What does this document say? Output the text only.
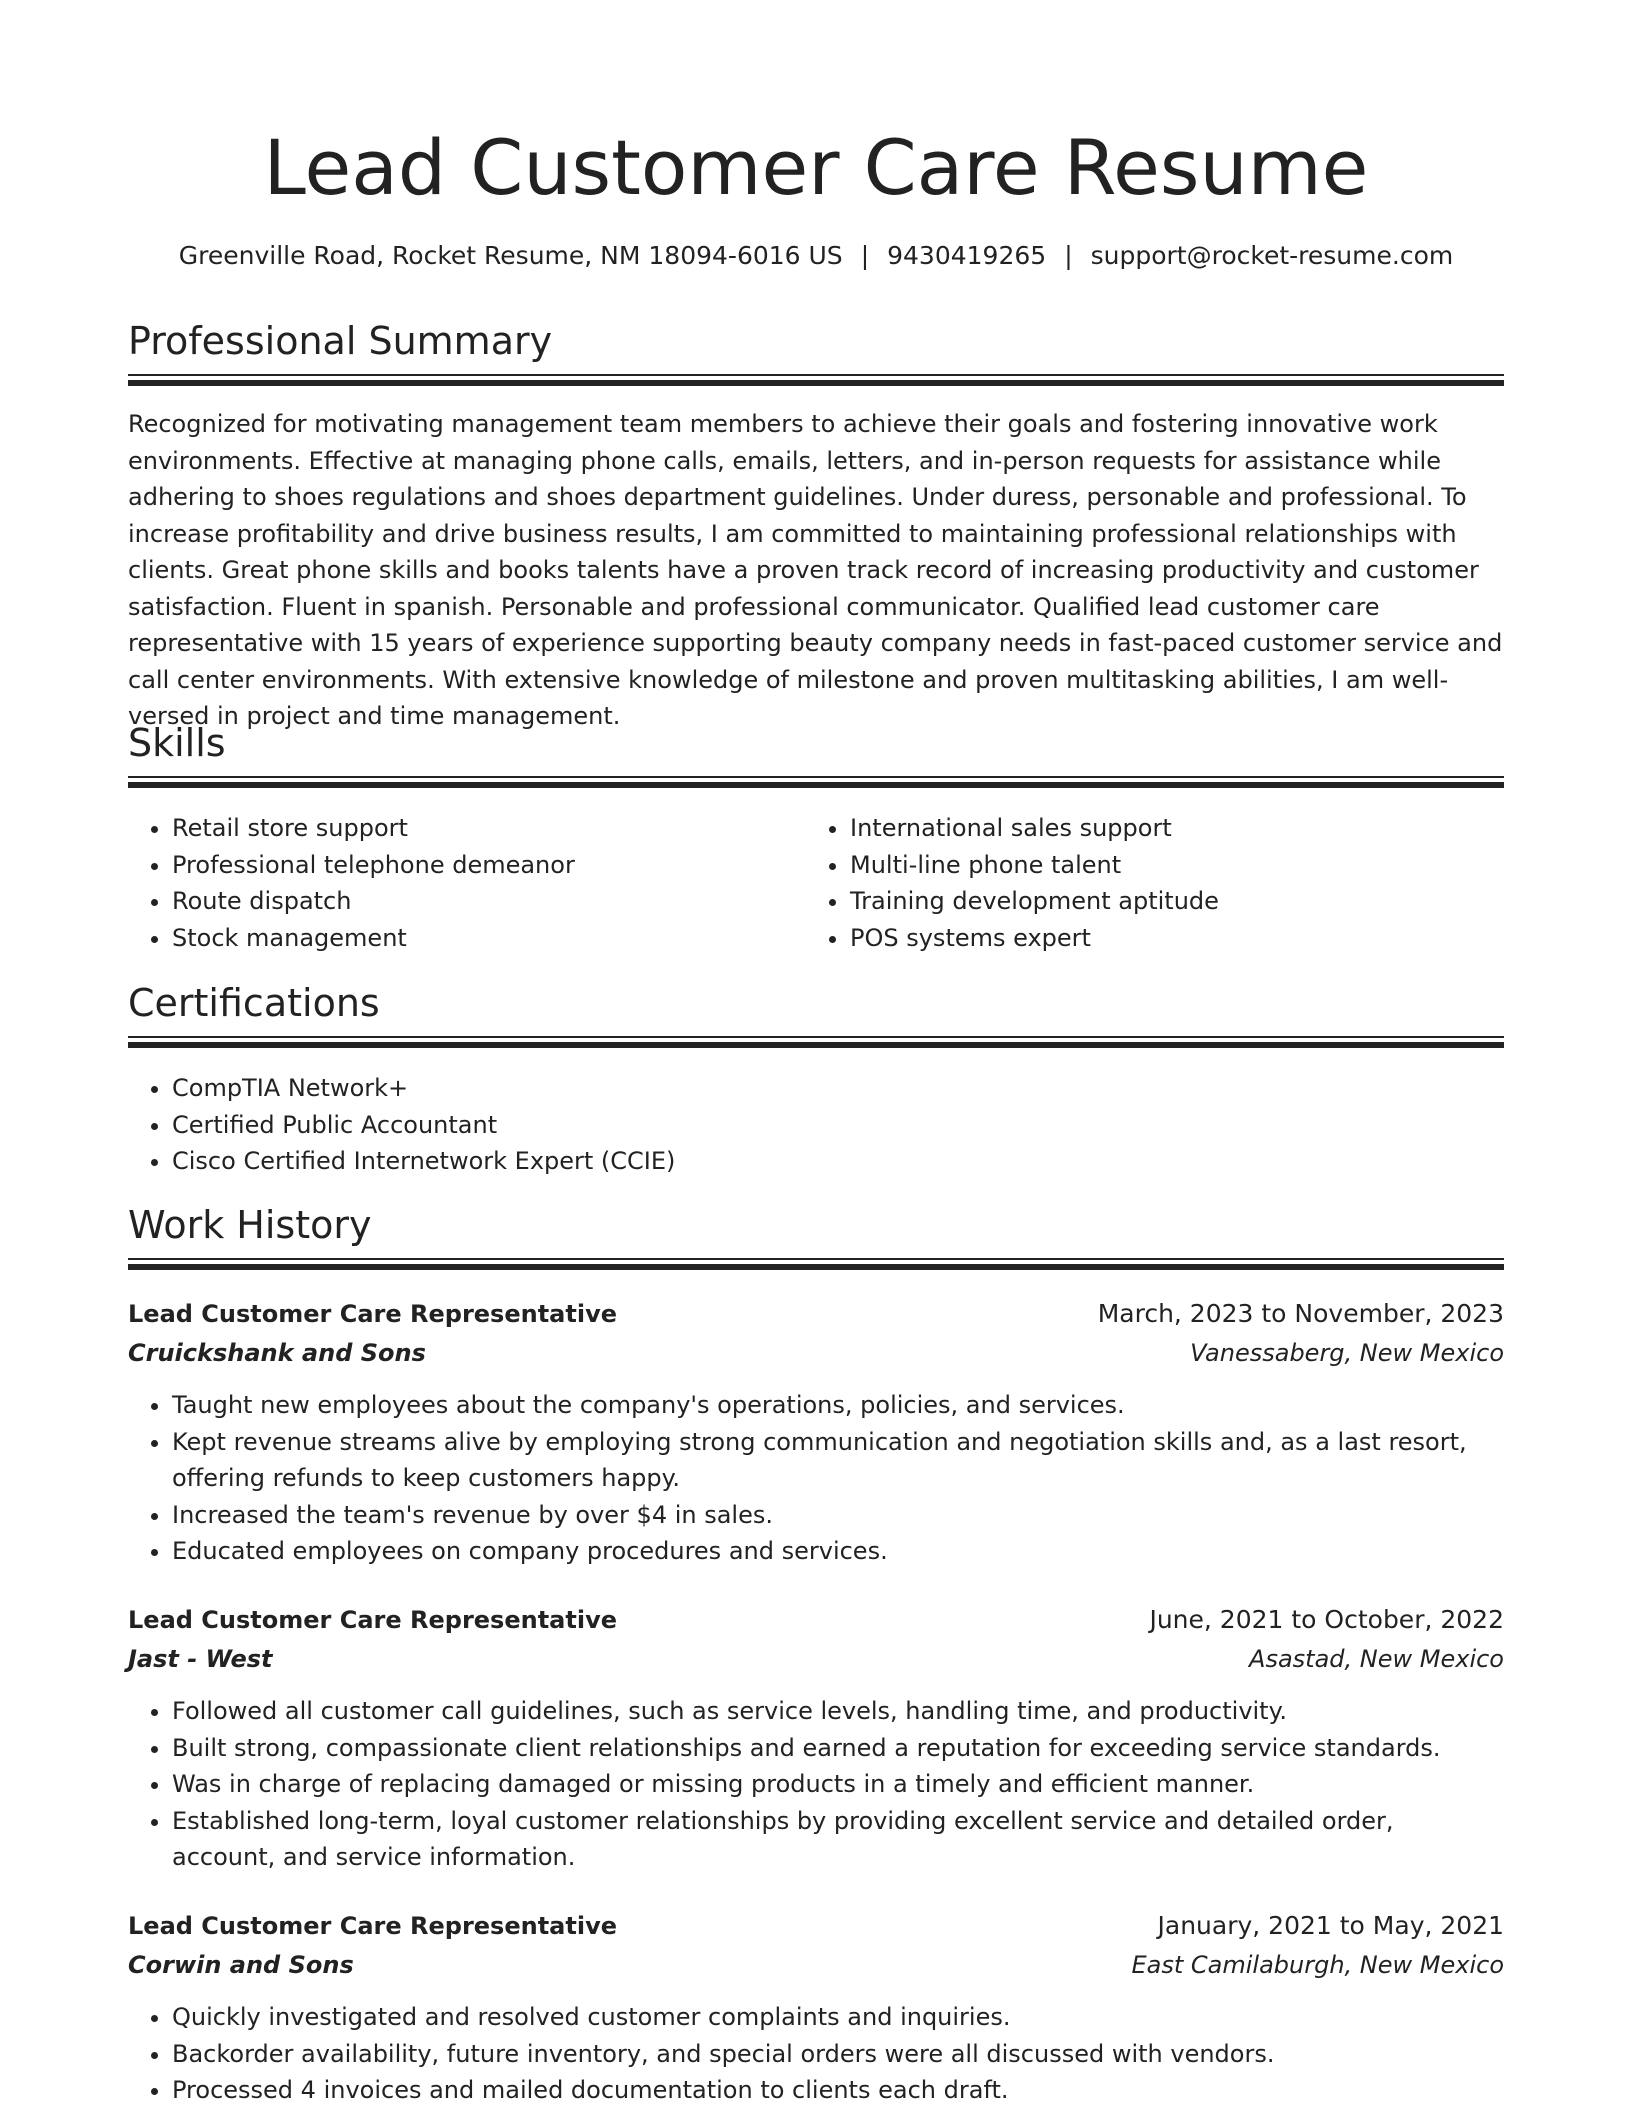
Lead Customer Care Resume
Greenville Road, Rocket Resume, NM 18094-6016 US | 9430419265 | support@rocket-resume.com
Professional Summary

Recognized for motivating management team members to achieve their goals and fostering innovative work environments. Effective at managing phone calls, emails, letters, and in-person requests for assistance while adhering to shoes regulations and shoes department guidelines. Under duress, personable and professional. To increase profitability and drive business results, I am committed to maintaining professional relationships with clients. Great phone skills and books talents have a proven track record of increasing productivity and customer satisfaction. Fluent in spanish. Personable and professional communicator. Qualified lead customer care representative with 15 years of experience supporting beauty company needs in fast-paced customer service and call center environments. With extensive knowledge of milestone and proven multitasking abilities, I am well-versed in project and time management.

Skills
• Retail store support
• Professional telephone demeanor
• Route dispatch
• Stock management
• International sales support
• Multi-line phone talent
• Training development aptitude
• POS systems expert
Certifications
• CompTIA Network+
• Certified Public Accountant
• Cisco Certified Internetwork Expert (CCIE)
Work History
Lead Customer Care Representative	March, 2023 to November, 2023
Cruickshank and Sons	Vanessaberg, New Mexico
• Taught new employees about the company's operations, policies, and services.
• Kept revenue streams alive by employing strong communication and negotiation skills and, as a last resort, offering refunds to keep customers happy.
• Increased the team's revenue by over $4 in sales.
• Educated employees on company procedures and services.
Lead Customer Care Representative	June, 2021 to October, 2022
Jast - West	Asastad, New Mexico
• Followed all customer call guidelines, such as service levels, handling time, and productivity.
• Built strong, compassionate client relationships and earned a reputation for exceeding service standards.
• Was in charge of replacing damaged or missing products in a timely and efficient manner.
• Established long-term, loyal customer relationships by providing excellent service and detailed order, account, and service information.
Lead Customer Care Representative	January, 2021 to May, 2021
Corwin and Sons	East Camilaburgh, New Mexico
• Quickly investigated and resolved customer complaints and inquiries.
• Backorder availability, future inventory, and special orders were all discussed with vendors.
• Processed 4 invoices and mailed documentation to clients each draft.
